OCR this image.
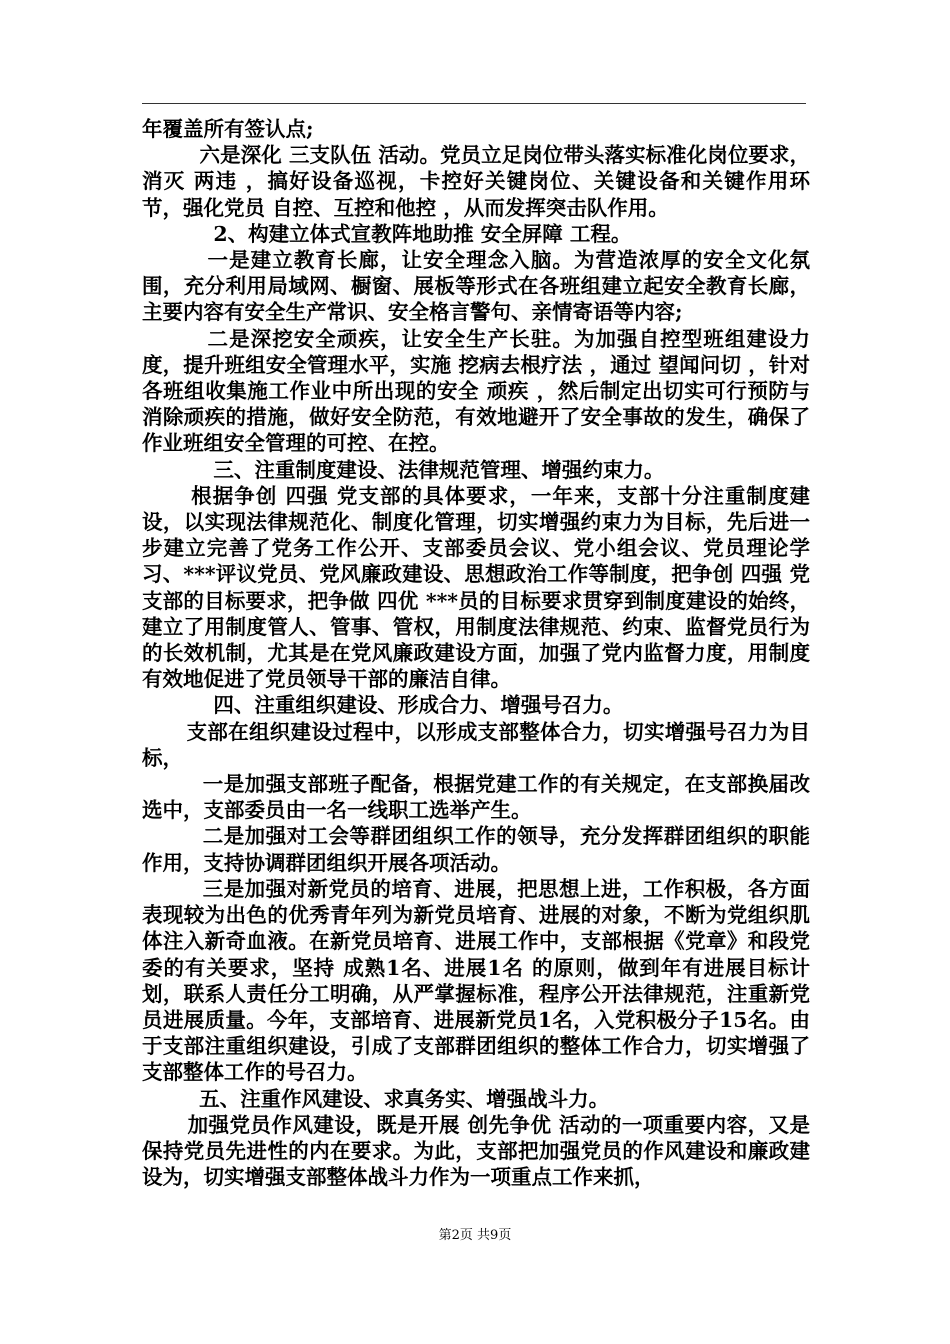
年覆盖所有签认点;

六是深化 三支队伍 活动。党员立足岗位带头落实标准化岗位要求，消灭 两违 ，搞好设备巡视，卡控好关键岗位、关键设备和关键作用环节，强化党员 自控、互控和他控 ，从而发挥突击队作用。

2、构建立体式宣教阵地助推 安全屏障 工程。

一是建立教育长廊，让安全理念入脑。为营造浓厚的安全文化氛围，充分利用局域网、橱窗、展板等形式在各班组建立起安全教育长廊，主要内容有安全生产常识、安全格言警句、亲情寄语等内容;

二是深挖安全顽疾，让安全生产长驻。为加强自控型班组建设力度，提升班组安全管理水平，实施 挖病去根疗法 ，通过 望闻问切 ，针对各班组收集施工作业中所出现的安全 顽疾 ，然后制定出切实可行预防与消除顽疾的措施，做好安全防范，有效地避开了安全事故的发生，确保了作业班组安全管理的可控、在控。

三、注重制度建设、法律规范管理、增强约束力。

根据争创 四强 党支部的具体要求，一年来，支部十分注重制度建设，以实现法律规范化、制度化管理，切实增强约束力为目标，先后进一步建立完善了党务工作公开、支部委员会议、党小组会议、党员理论学习、***评议党员、党风廉政建设、思想政治工作等制度，把争创 四强 党支部的目标要求，把争做 四优 ***员的目标要求贯穿到制度建设的始终，建立了用制度管人、管事、管权，用制度法律规范、约束、监督党员行为的长效机制，尤其是在党风廉政建设方面，加强了党内监督力度，用制度有效地促进了党员领导干部的廉洁自律。

四、注重组织建设、形成合力、增强号召力。

支部在组织建设过程中，以形成支部整体合力，切实增强号召力为目标，

一是加强支部班子配备，根据党建工作的有关规定，在支部换届改选中，支部委员由一名一线职工选举产生。

二是加强对工会等群团组织工作的领导，充分发挥群团组织的职能作用，支持协调群团组织开展各项活动。

三是加强对新党员的培育、进展，把思想上进，工作积极，各方面表现较为出色的优秀青年列为新党员培育、进展的对象，不断为党组织肌体注入新奇血液。在新党员培育、进展工作中，支部根据《党章》和段党委的有关要求，坚持 成熟1名、进展1名 的原则，做到年有进展目标计划，联系人责任分工明确，从严掌握标准，程序公开法律规范，注重新党员进展质量。今年，支部培育、进展新党员1名，入党积极分子15名。由于支部注重组织建设，引成了支部群团组织的整体工作合力，切实增强了支部整体工作的号召力。

五、注重作风建设、求真务实、增强战斗力。

加强党员作风建设，既是开展 创先争优 活动的一项重要内容，又是保持党员先进性的内在要求。为此，支部把加强党员的作风建设和廉政建设为，切实增强支部整体战斗力作为一项重点工作来抓，

第2页 共9页
